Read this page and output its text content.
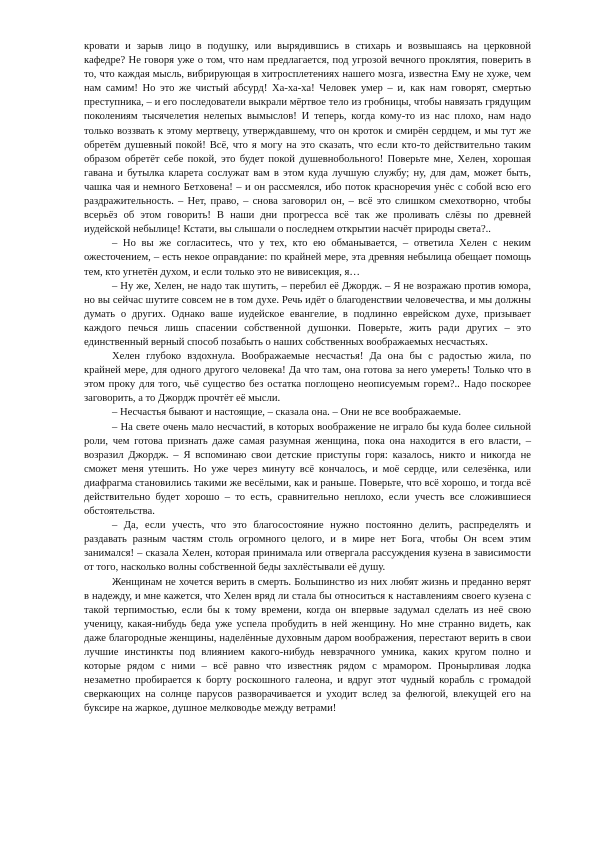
кровати и зарыв лицо в подушку, или вырядившись в стихарь и возвышаясь на церковной кафедре? Не говоря уже о том, что нам предлагается, под угрозой вечного проклятия, поверить в то, что каждая мысль, вибрирующая в хитросплетениях нашего мозга, известна Ему не хуже, чем нам самим! Но это же чистый абсурд! Ха-ха-ха! Человек умер – и, как нам говорят, смертью преступника, – и его последователи выкрали мёртвое тело из гробницы, чтобы навязать грядущим поколениям тысячелетия нелепых вымыслов! И теперь, когда кому-то из нас плохо, нам надо только воззвать к этому мертвецу, утверждавшему, что он кроток и смирён сердцем, и мы тут же обретём душевный покой! Всё, что я могу на это сказать, что если кто-то действительно таким образом обретёт себе покой, это будет покой душевнобольного! Поверьте мне, Хелен, хорошая гавана и бутылка кларета сослужат вам в этом куда лучшую службу; ну, для дам, может быть, чашка чая и немного Бетховена! – и он рассмеялся, ибо поток красноречия унёс с собой всю его раздражительность. – Нет, право, – снова заговорил он, – всё это слишком смехотворно, чтобы всерьёз об этом говорить! В наши дни прогресса всё так же проливать слёзы по древней иудейской небылице! Кстати, вы слышали о последнем открытии насчёт природы света?..

– Но вы же согласитесь, что у тех, кто ею обманывается, – ответила Хелен с неким ожесточением, – есть некое оправдание: по крайней мере, эта древняя небылица обещает помощь тем, кто угнетён духом, и если только это не вивисекция, я…

– Ну же, Хелен, не надо так шутить, – перебил её Джордж. – Я не возражаю против юмора, но вы сейчас шутите совсем не в том духе. Речь идёт о благоденствии человечества, и мы должны думать о других. Однако ваше иудейское евангелие, в подлинно еврейском духе, призывает каждого печься лишь спасении собственной душонки. Поверьте, жить ради других – это единственный верный способ позабыть о наших собственных воображаемых несчастьях.

Хелен глубоко вздохнула. Воображаемые несчастья! Да она бы с радостью жила, по крайней мере, для одного другого человека! Да что там, она готова за него умереть! Только что в этом проку для того, чьё существо без остатка поглощено неописуемым горем?.. Надо поскорее заговорить, а то Джордж прочтёт её мысли.

– Несчастья бывают и настоящие, – сказала она. – Они не все воображаемые.

– На свете очень мало несчастий, в которых воображение не играло бы куда более сильной роли, чем готова признать даже самая разумная женщина, пока она находится в его власти, – возразил Джордж. – Я вспоминаю свои детские приступы горя: казалось, никто и никогда не сможет меня утешить. Но уже через минуту всё кончалось, и моё сердце, или селезёнка, или диафрагма становились такими же весёлыми, как и раньше. Поверьте, что всё хорошо, и тогда всё действительно будет хорошо – то есть, сравнительно неплохо, если учесть все сложившиеся обстоятельства.

– Да, если учесть, что это благосостояние нужно постоянно делить, распределять и раздавать разным частям столь огромного целого, и в мире нет Бога, чтобы Он всем этим занимался! – сказала Хелен, которая принимала или отвергала рассуждения кузена в зависимости от того, насколько волны собственной беды захлёстывали её душу.

Женщинам не хочется верить в смерть. Большинство из них любят жизнь и преданно верят в надежду, и мне кажется, что Хелен вряд ли стала бы относиться к наставлениям своего кузена с такой терпимостью, если бы к тому времени, когда он впервые задумал сделать из неё свою ученицу, какая-нибудь беда уже успела пробудить в ней женщину. Но мне странно видеть, как даже благородные женщины, наделённые духовным даром воображения, перестают верить в свои лучшие инстинкты под влиянием какого-нибудь невзрачного умника, каких кругом полно и которые рядом с ними – всё равно что известняк рядом с мрамором. Пронырливая лодка незаметно пробирается к борту роскошного галеона, и вдруг этот чудный корабль с громадой сверкающих на солнце парусов разворачивается и уходит вслед за фелюгой, влекущей его на буксире на жаркое, душное мелководье между ветрами!
